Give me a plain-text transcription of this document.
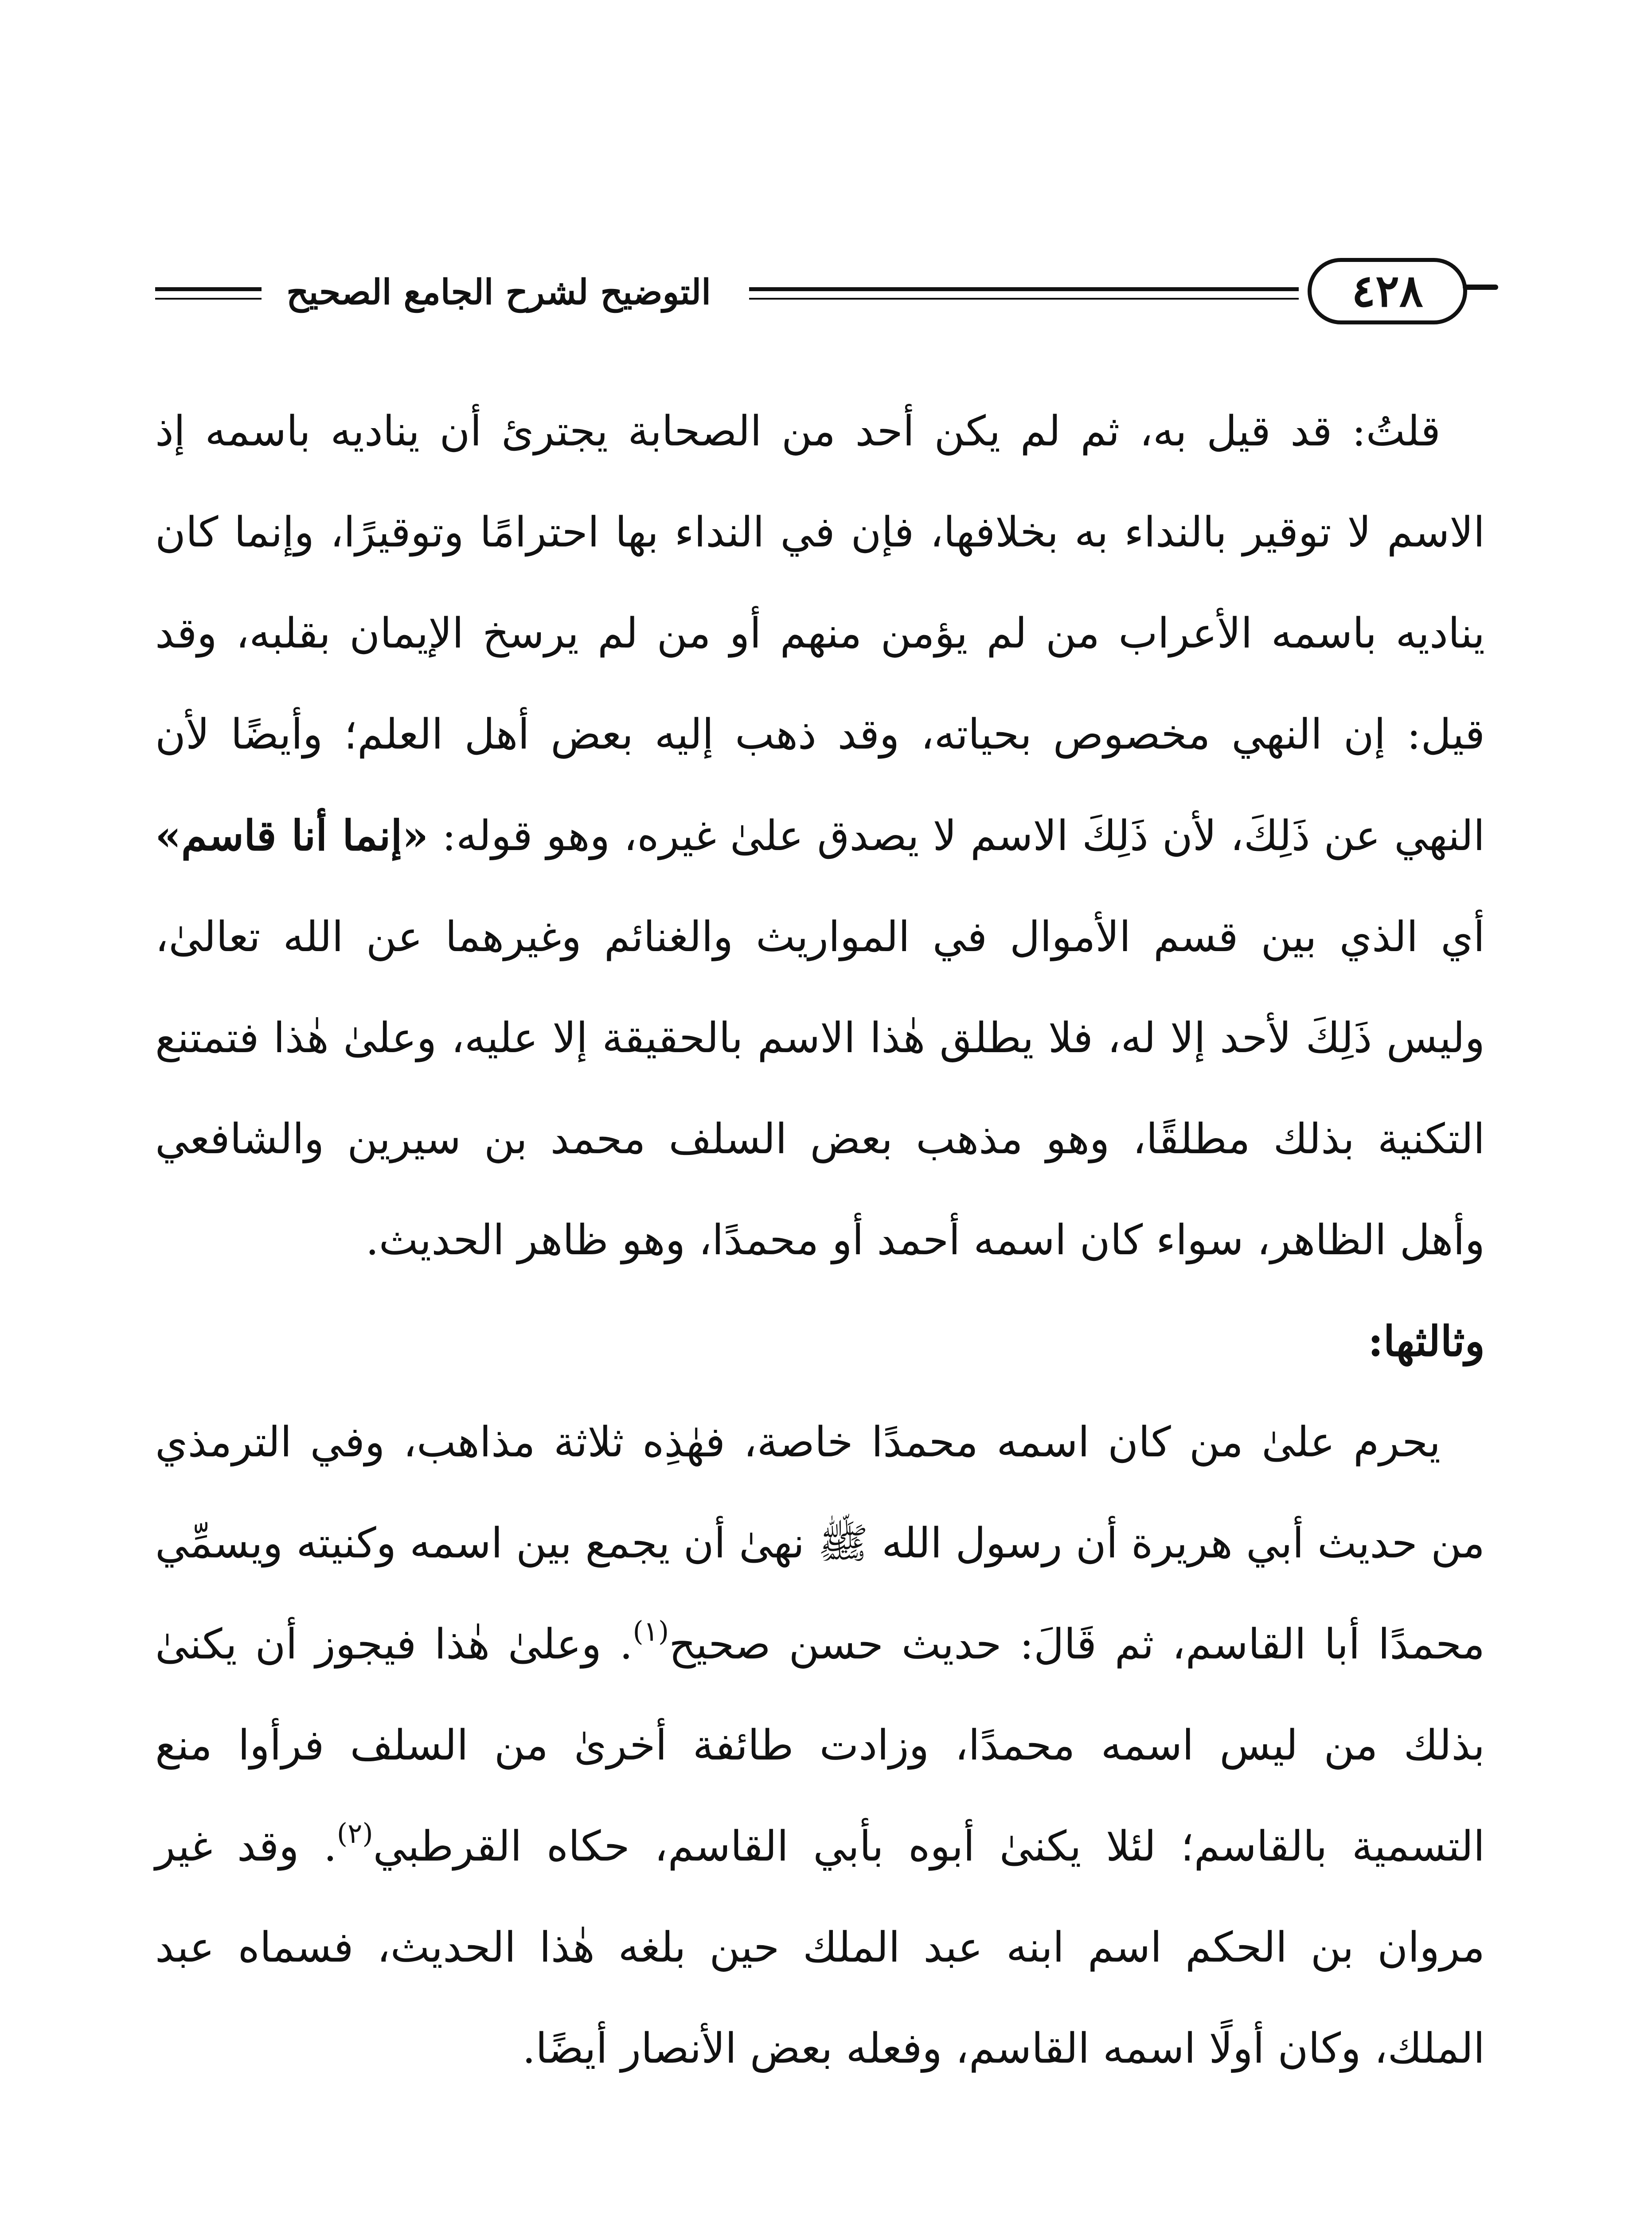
التوضيح لشرح الجامع الصحيح	٤٢٨

قلتُ: قد قيل به، ثم لم يكن أحد من الصحابة يجترئ أن يناديه باسمه إذ الاسم لا توقير بالنداء به بخلافها، فإن في النداء بها احترامًا وتوقيرًا، وإنما كان يناديه باسمه الأعراب من لم يؤمن منهم أو من لم يرسخ الإيمان بقلبه، وقد قيل: إن النهي مخصوص بحياته، وقد ذهب إليه بعض أهل العلم؛ وأيضًا لأن النهي عن ذَلِكَ، لأن ذَلِكَ الاسم لا يصدق علىٰ غيره، وهو قوله: «إنما أنا قاسم» أي الذي بين قسم الأموال في المواريث والغنائم وغيرهما عن الله تعالىٰ، وليس ذَلِكَ لأحد إلا له، فلا يطلق هٰذا الاسم بالحقيقة إلا عليه، وعلىٰ هٰذا فتمتنع التكنية بذلك مطلقًا، وهو مذهب بعض السلف محمد بن سيرين والشافعي وأهل الظاهر، سواء كان اسمه أحمد أو محمدًا، وهو ظاهر الحديث.

وثالثها:

يحرم علىٰ من كان اسمه محمدًا خاصة، فهٰذِه ثلاثة مذاهب، وفي الترمذي من حديث أبي هريرة أن رسول الله ﷺ نهىٰ أن يجمع بين اسمه وكنيته ويسمِّي محمدًا أبا القاسم، ثم قَالَ: حديث حسن صحيح$^{(١)}$. وعلىٰ هٰذا فيجوز أن يكنىٰ بذلك من ليس اسمه محمدًا، وزادت طائفة أخرىٰ من السلف فرأوا منع التسمية بالقاسم؛ لئلا يكنىٰ أبوه بأبي القاسم، حكاه القرطبي$^{(٢)}$. وقد غير مروان بن الحكم اسم ابنه عبد الملك حين بلغه هٰذا الحديث، فسماه عبد الملك، وكان أولًا اسمه القاسم، وفعله بعض الأنصار أيضًا.
